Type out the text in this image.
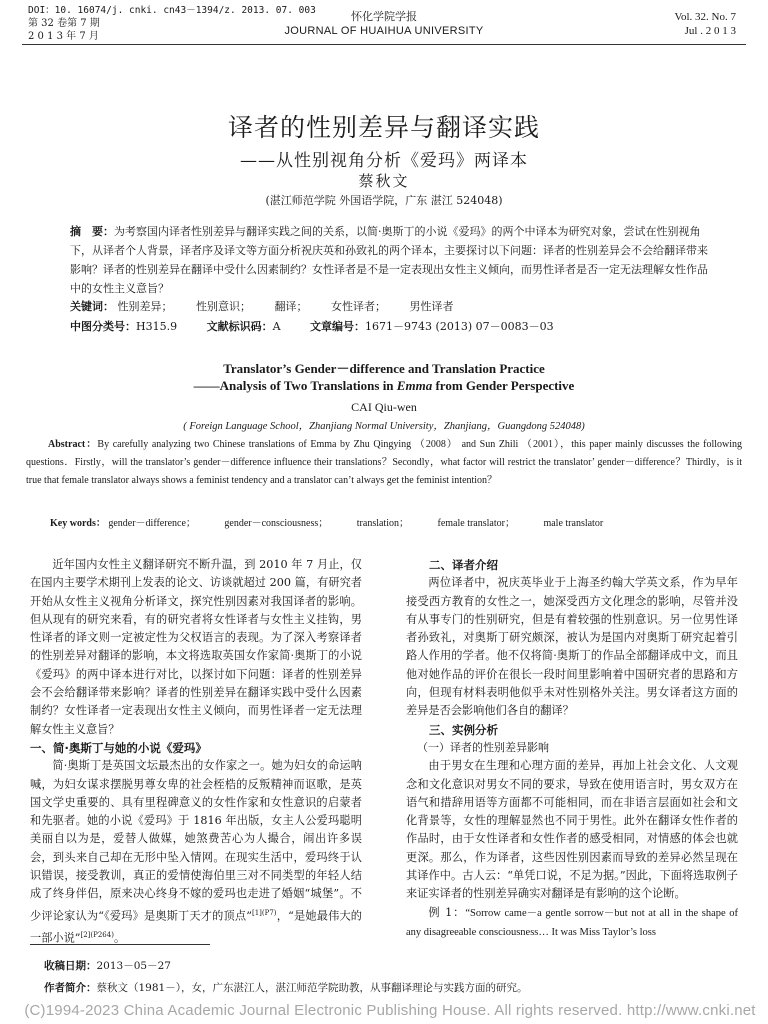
DOI：10. 16074/j. cnki. cn43－1394/z. 2013. 07. 003
第 32 卷第 7 期
2 0 1 3 年 7 月
怀化学院学报
JOURNAL OF HUAIHUA UNIVERSITY
Vol. 32. No. 7
Jul . 2 0 1 3
译者的性别差异与翻译实践
——从性别视角分析《爱玛》两译本
蔡秋文
(湛江师范学院 外国语学院，广东 湛江 524048)
摘　要：为考察国内译者性别差异与翻译实践之间的关系，以简·奥斯丁的小说《爱玛》的两个中译本为研究对象，尝试在性别视角下，从译者个人背景，译者序及译文等方面分析祝庆英和孙致礼的两个译本，主要探讨以下问题：译者的性别差异会不会给翻译带来影响？译者的性别差异在翻译中受什么因素制约？女性译者是不是一定表现出女性主义倾向，而男性译者是否一定无法理解女性作品中的女性主义意旨？
关键词： 性别差异； 性别意识； 翻译； 女性译者； 男性译者
中图分类号：H315.9	文献标识码：A	文章编号：1671－9743 (2013) 07－0083－03
Translator’s Gender－difference and Translation Practice
——Analysis of Two Translations in Emma from Gender Perspective
CAI Qiu-wen
( Foreign Language School，Zhanjiang Normal University，Zhanjiang，Guangdong 524048)
Abstract：By carefully analyzing two Chinese translations of Emma by Zhu Qingying （2008） and Sun Zhili （2001），this paper mainly discusses the following questions．Firstly，will the translator’s gender－difference influence their translations？Secondly，what factor will restrict the translator’ gender－difference？Thirdly，is it true that female translator always shows a feminist tendency and a translator can’t always get the feminist intention？
Key words： gender－difference；	gender－consciousness；	translation；	female translator；	male translator

近年国内女性主义翻译研究不断升温，到 2010 年 7 月止，仅在国内主要学术期刊上发表的论文、访谈就超过 200 篇，有研究者开始从女性主义视角分析译文，探究性别因素对我国译者的影响。但从现有的研究来看，有的研究者将女性译者与女性主义挂钩，男性译者的译文则一定被定性为父权语言的表现。为了深入考察译者的性别差异对翻译的影响，本文将选取英国女作家简·奥斯丁的小说《爱玛》的两中译本进行对比，以探讨如下问题：译者的性别差异会不会给翻译带来影响？译者的性别差异在翻译实践中受什么因素制约？女性译者一定表现出女性主义倾向，而男性译者一定无法理解女性主义意旨？

一、简·奥斯丁与她的小说《爱玛》

简·奥斯丁是英国文坛最杰出的女作家之一。她为妇女的命运呐喊，为妇女谋求摆脱男尊女卑的社会桎梏的反叛精神而讴歌，是英国文学史重要的、具有里程碑意义的女性作家和女性意识的启蒙者和先驱者。她的小说《爱玛》于 1816 年出版，女主人公爱玛聪明美丽自以为是，爱替人做媒，她煞费苦心为人撮合，闹出许多误会，到头来自己却在无形中坠入情网。在现实生活中，爱玛终于认识错误，接受教训，真正的爱情使海伯里三对不同类型的年轻人结成了终身伴侣，原来决心终身不嫁的爱玛也走进了婚姻“城堡”。不少评论家认为“《爱玛》是奥斯丁天才的顶点”$^{[1](P7)}$，“是她最伟大的一部小说”$^{[2](P264)}$。

二、译者介绍

两位译者中，祝庆英毕业于上海圣约翰大学英文系，作为早年接受西方教育的女性之一，她深受西方文化理念的影响，尽管并没有从事专门的性别研究，但是有着较强的性别意识。另一位男性译者孙致礼，对奥斯丁研究颇深，被认为是国内对奥斯丁研究起着引路人作用的学者。他不仅将简·奥斯丁的作品全部翻译成中文，而且他对她作品的评价在很长一段时间里影响着中国研究者的思路和方向，但现有材料表明他似乎未对性别格外关注。男女译者这方面的差异是否会影响他们各自的翻译？

三、实例分析
（一）译者的性别差异影响

由于男女在生理和心理方面的差异，再加上社会文化、人文观念和文化意识对男女不同的要求，导致在使用语言时，男女双方在语气和措辞用语等方面都不可能相同，而在非语言层面如社会和文化背景等，女性的理解显然也不同于男性。此外在翻译女性作者的作品时，由于女性译者和女性作者的感受相同，对情感的体会也就更深。那么，作为译者，这些因性别因素而导致的差异必然呈现在其译作中。古人云：“单凭口说，不足为据。”因此，下面将选取例子来证实译者的性别差异确实对翻译是有影响的这个论断。

例 1：“Sorrow came－a gentle sorrow－but not at all in the shape of any disagreeable consciousness… It was Miss Taylor’s loss

收稿日期：2013－05－27
作者简介：蔡秋文（1981－），女，广东湛江人，湛江师范学院助教，从事翻译理论与实践方面的研究。
(C)1994-2023 China Academic Journal Electronic Publishing House. All rights reserved. http://www.cnki.net
